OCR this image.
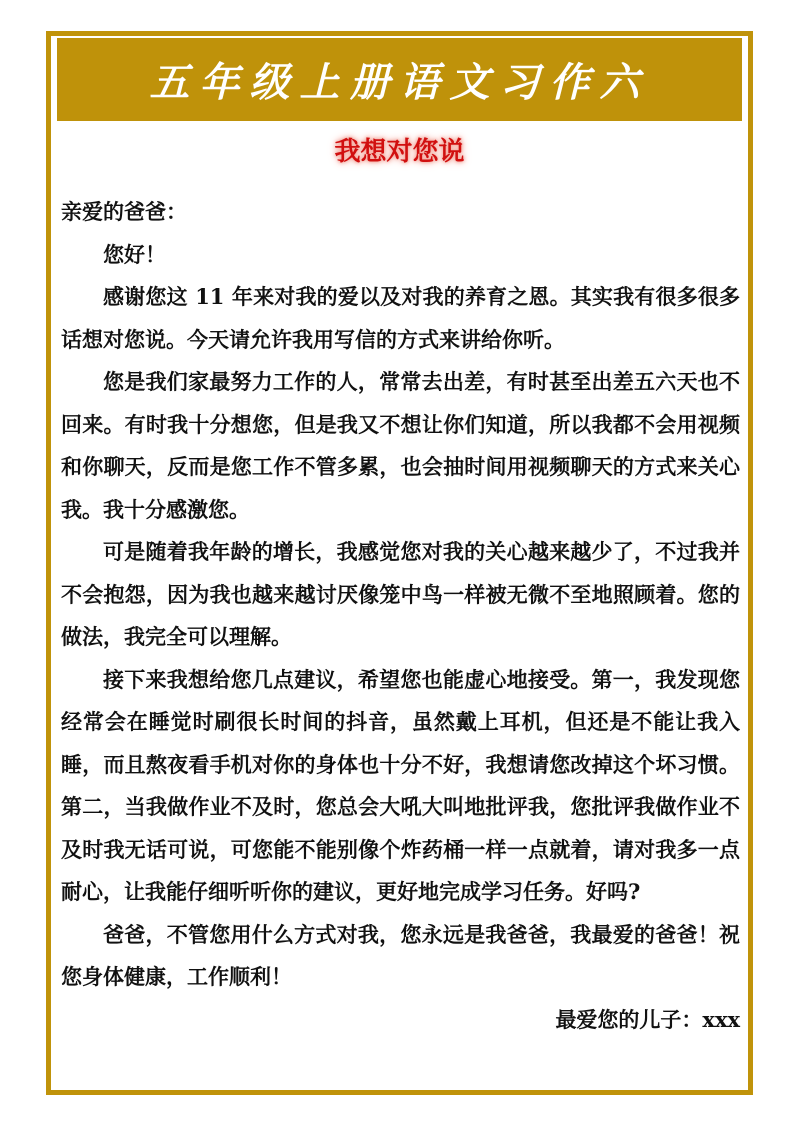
五年级上册语文习作六
我想对您说

亲爱的爸爸：

您好！

感谢您这 11 年来对我的爱以及对我的养育之恩。其实我有很多很多话想对您说。今天请允许我用写信的方式来讲给你听。

您是我们家最努力工作的人，常常去出差，有时甚至出差五六天也不回来。有时我十分想您，但是我又不想让你们知道，所以我都不会用视频和你聊天，反而是您工作不管多累，也会抽时间用视频聊天的方式来关心我。我十分感激您。

可是随着我年龄的增长，我感觉您对我的关心越来越少了，不过我并不会抱怨，因为我也越来越讨厌像笼中鸟一样被无微不至地照顾着。您的做法，我完全可以理解。

接下来我想给您几点建议，希望您也能虚心地接受。第一，我发现您经常会在睡觉时刷很长时间的抖音，虽然戴上耳机，但还是不能让我入睡，而且熬夜看手机对你的身体也十分不好，我想请您改掉这个坏习惯。第二，当我做作业不及时，您总会大吼大叫地批评我，您批评我做作业不及时我无话可说，可您能不能别像个炸药桶一样一点就着，请对我多一点耐心，让我能仔细听听你的建议，更好地完成学习任务。好吗?

爸爸，不管您用什么方式对我，您永远是我爸爸，我最爱的爸爸！祝您身体健康，工作顺利！

最爱您的儿子：xxx
